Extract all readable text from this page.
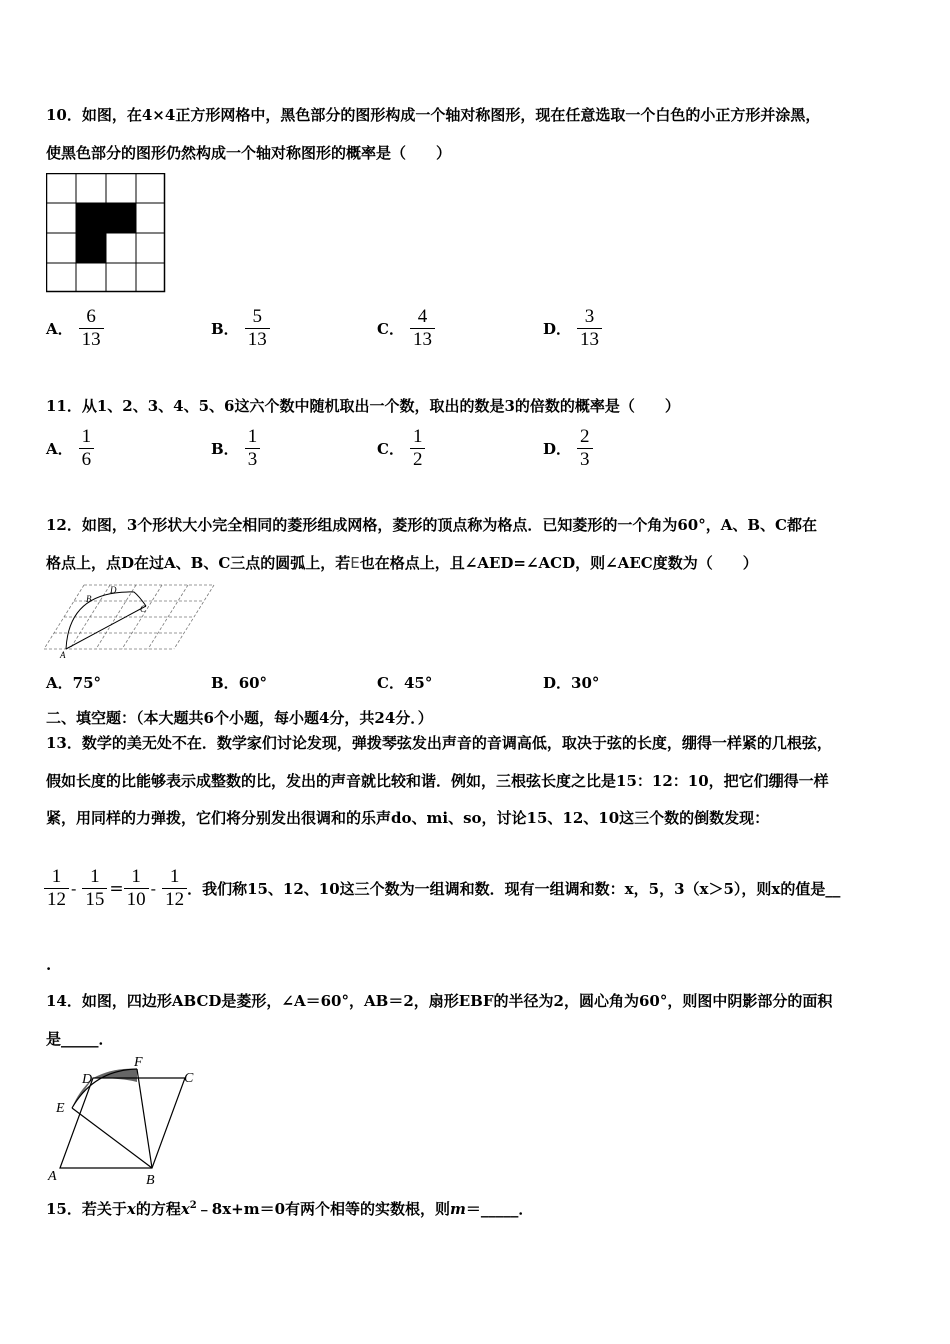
10．如图，在4×4正方形网格中，黑色部分的图形构成一个轴对称图形，现在任意选取一个白色的小正方形并涂黑，
使黑色部分的图形仍然构成一个轴对称图形的概率是（　　）
A． $\frac{6}{13}$	B． $\frac{5}{13}$	C． $\frac{4}{13}$	D． $\frac{3}{13}$
11．从1、2、3、4、5、6这六个数中随机取出一个数，取出的数是3的倍数的概率是（　　）
A． $\frac{1}{6}$	B． $\frac{1}{3}$	C． $\frac{1}{2}$	D． $\frac{2}{3}$
12．如图，3个形状大小完全相同的菱形组成网格，菱形的顶点称为格点．已知菱形的一个角为60°，A、B、C都在
格点上，点D在过A、B、C三点的圆弧上，若E也在格点上，且∠AED=∠ACD，则∠AEC度数为（　　）
A
B
C
D
A．75°	B．60°	C．45°	D．30°
二、填空题：（本大题共6个小题，每小题4分，共24分．）
13．数学的美无处不在．数学家们讨论发现，弹拨琴弦发出声音的音调高低，取决于弦的长度，绷得一样紧的几根弦，
假如长度的比能够表示成整数的比，发出的声音就比较和谐．例如，三根弦长度之比是15：12：10，把它们绷得一样
紧，用同样的力弹拨，它们将分别发出很调和的乐声do、mi、so，讨论15、12、10这三个数的倒数发现：
$\frac{1}{12} - \frac{1}{15} = \frac{1}{10} - \frac{1}{12}$ ．我们称15、12、10这三个数为一组调和数．现有一组调和数：x，5，3（x＞5），则x的值是__
.
14．如图，四边形ABCD是菱形，∠A＝60°，AB＝2，扇形EBF的半径为2，圆心角为60°，则图中阴影部分的面积
是_____．
A	B
C
D
E
F
15．若关于x的方程$x^2﹣8x+m=0$有两个相等的实数根，则m＝_____．
